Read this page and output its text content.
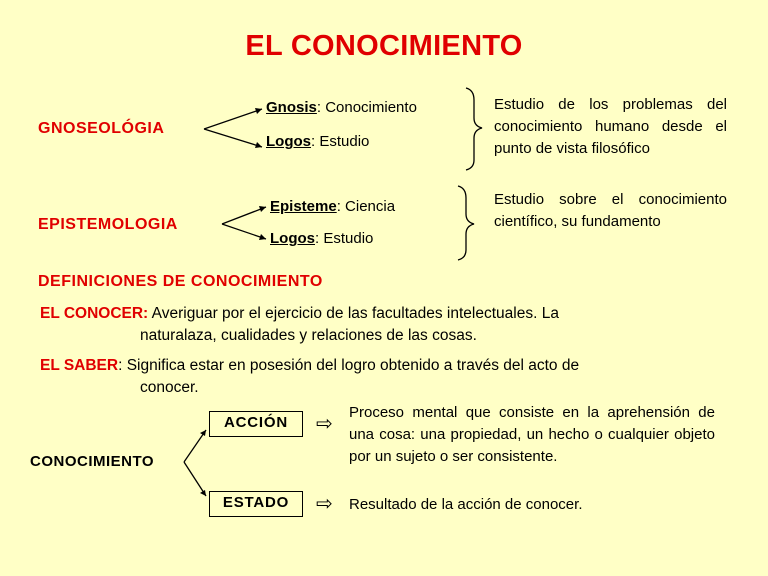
EL CONOCIMIENTO
GNOSEOLÓGIA
Gnosis: Conocimiento
Logos: Estudio
Estudio de los problemas del conocimiento humano desde el punto de vista filosófico
EPISTEMOLOGIA
Episteme: Ciencia
Logos: Estudio
Estudio sobre el conocimiento científico, su fundamento
DEFINICIONES DE CONOCIMIENTO
EL CONOCER: Averiguar por el ejercicio de las facultades intelectuales. La
naturalaza, cualidades y relaciones de las cosas.
EL SABER: Significa estar en posesión del logro obtenido a través del acto de
conocer.
CONOCIMIENTO
ACCIÓN	⇨
Proceso mental que consiste en la aprehensión de una cosa: una propiedad, un hecho o cualquier objeto por un sujeto o ser consistente.
ESTADO	⇨ Resultado de la acción de conocer.
